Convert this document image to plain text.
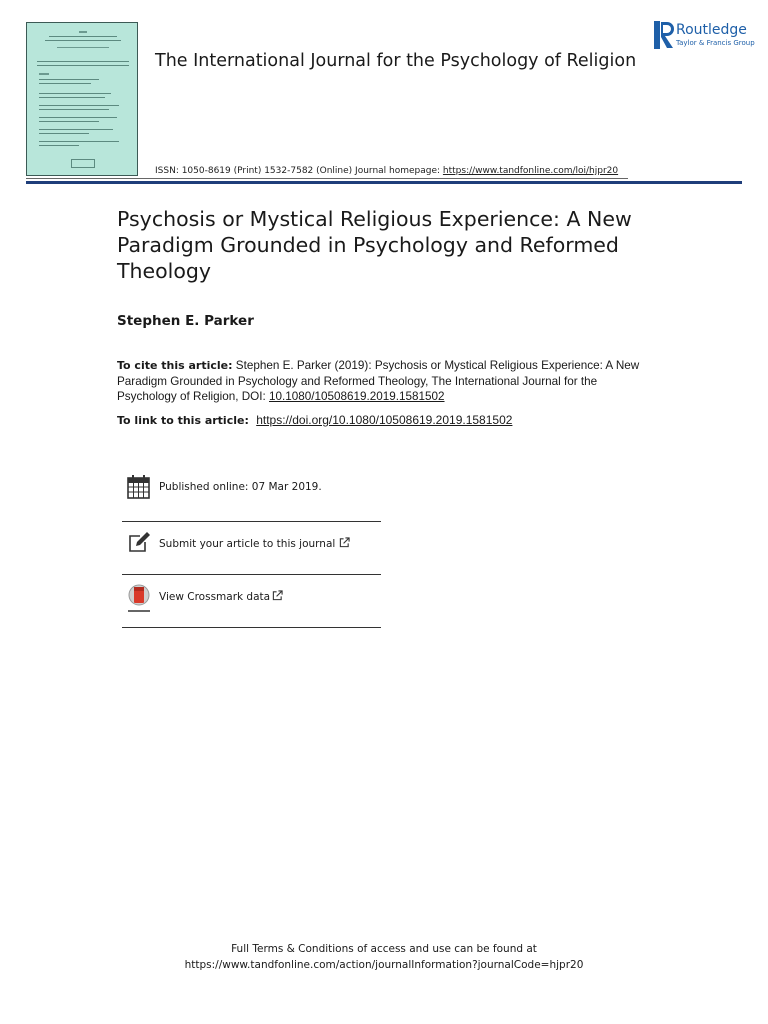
The International Journal for the Psychology of Religion
Routledge
Taylor & Francis Group
ISSN: 1050-8619 (Print) 1532-7582 (Online) Journal homepage: https://www.tandfonline.com/loi/hjpr20
Psychosis or Mystical Religious Experience: A New Paradigm Grounded in Psychology and Reformed Theology
Stephen E. Parker
To cite this article: Stephen E. Parker (2019): Psychosis or Mystical Religious Experience: A New Paradigm Grounded in Psychology and Reformed Theology, The International Journal for the Psychology of Religion, DOI: 10.1080/10508619.2019.1581502
To link to this article: https://doi.org/10.1080/10508619.2019.1581502
Published online: 07 Mar 2019.
Submit your article to this journal
View Crossmark data
Full Terms & Conditions of access and use can be found at
https://www.tandfonline.com/action/journalInformation?journalCode=hjpr20
